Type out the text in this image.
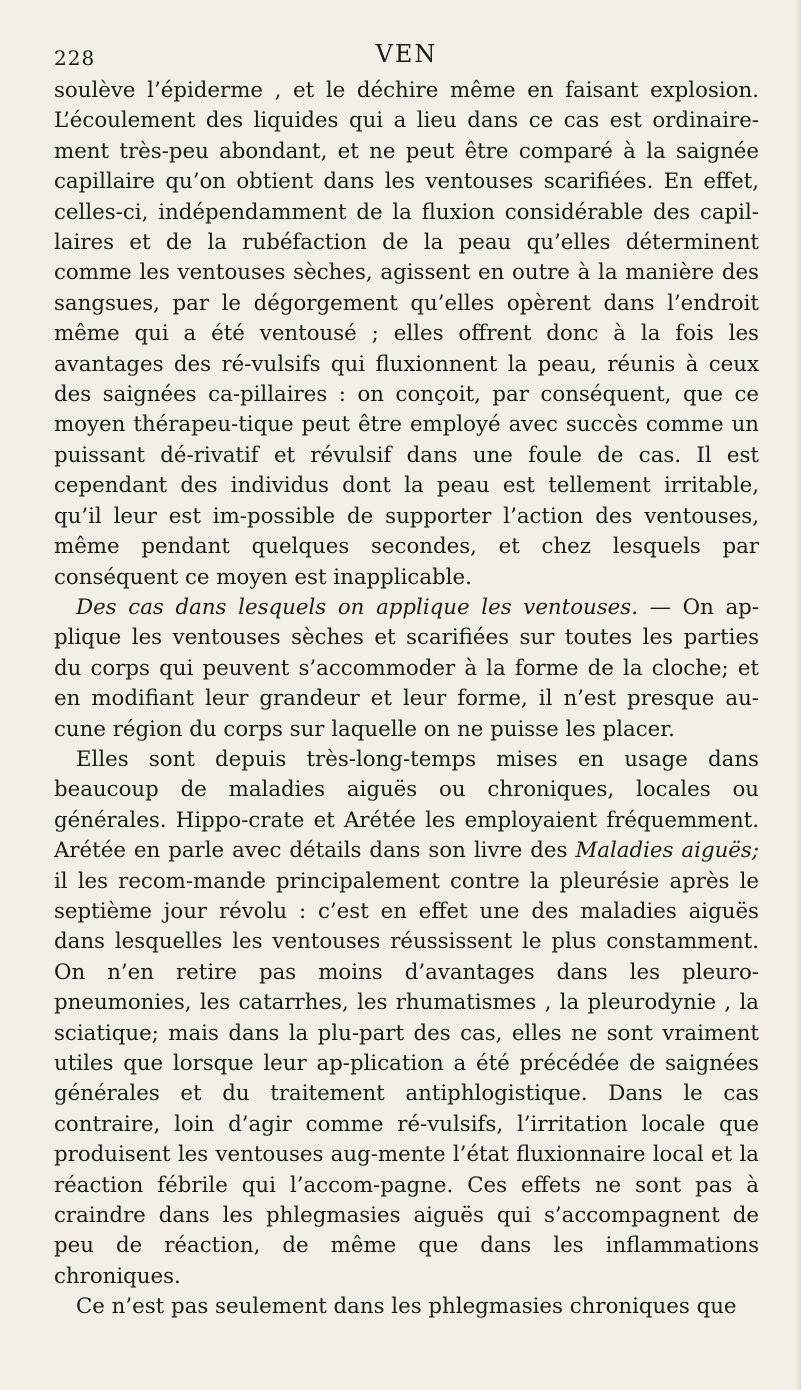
228	VEN

soulève l’épiderme , et le déchire même en faisant explosion. L’écoulement des liquides qui a lieu dans ce cas est ordinaire-ment très-peu abondant, et ne peut être comparé à la saignée capillaire qu’on obtient dans les ventouses scarifiées. En effet, celles-ci, indépendamment de la fluxion considérable des capil-laires et de la rubéfaction de la peau qu’elles déterminent comme les ventouses sèches, agissent en outre à la manière des sangsues, par le dégorgement qu’elles opèrent dans l’endroit même qui a été ventousé ; elles offrent donc à la fois les avantages des ré-vulsifs qui fluxionnent la peau, réunis à ceux des saignées ca-pillaires : on conçoit, par conséquent, que ce moyen thérapeu-tique peut être employé avec succès comme un puissant dé-rivatif et révulsif dans une foule de cas. Il est cependant des individus dont la peau est tellement irritable, qu’il leur est im-possible de supporter l’action des ventouses, même pendant quelques secondes, et chez lesquels par conséquent ce moyen est inapplicable.

Des cas dans lesquels on applique les ventouses. — On ap-plique les ventouses sèches et scarifiées sur toutes les parties du corps qui peuvent s’accommoder à la forme de la cloche; et en modifiant leur grandeur et leur forme, il n’est presque au-cune région du corps sur laquelle on ne puisse les placer.

Elles sont depuis très-long-temps mises en usage dans beaucoup de maladies aiguës ou chroniques, locales ou générales. Hippo-crate et Arétée les employaient fréquemment. Arétée en parle avec détails dans son livre des Maladies aiguës; il les recom-mande principalement contre la pleurésie après le septième jour révolu : c’est en effet une des maladies aiguës dans lesquelles les ventouses réussissent le plus constamment. On n’en retire pas moins d’avantages dans les pleuro-pneumonies, les catarrhes, les rhumatismes , la pleurodynie , la sciatique; mais dans la plu-part des cas, elles ne sont vraiment utiles que lorsque leur ap-plication a été précédée de saignées générales et du traitement antiphlogistique. Dans le cas contraire, loin d’agir comme ré-vulsifs, l’irritation locale que produisent les ventouses aug-mente l’état fluxionnaire local et la réaction fébrile qui l’accom-pagne. Ces effets ne sont pas à craindre dans les phlegmasies aiguës qui s’accompagnent de peu de réaction, de même que dans les inflammations chroniques.

Ce n’est pas seulement dans les phlegmasies chroniques que
